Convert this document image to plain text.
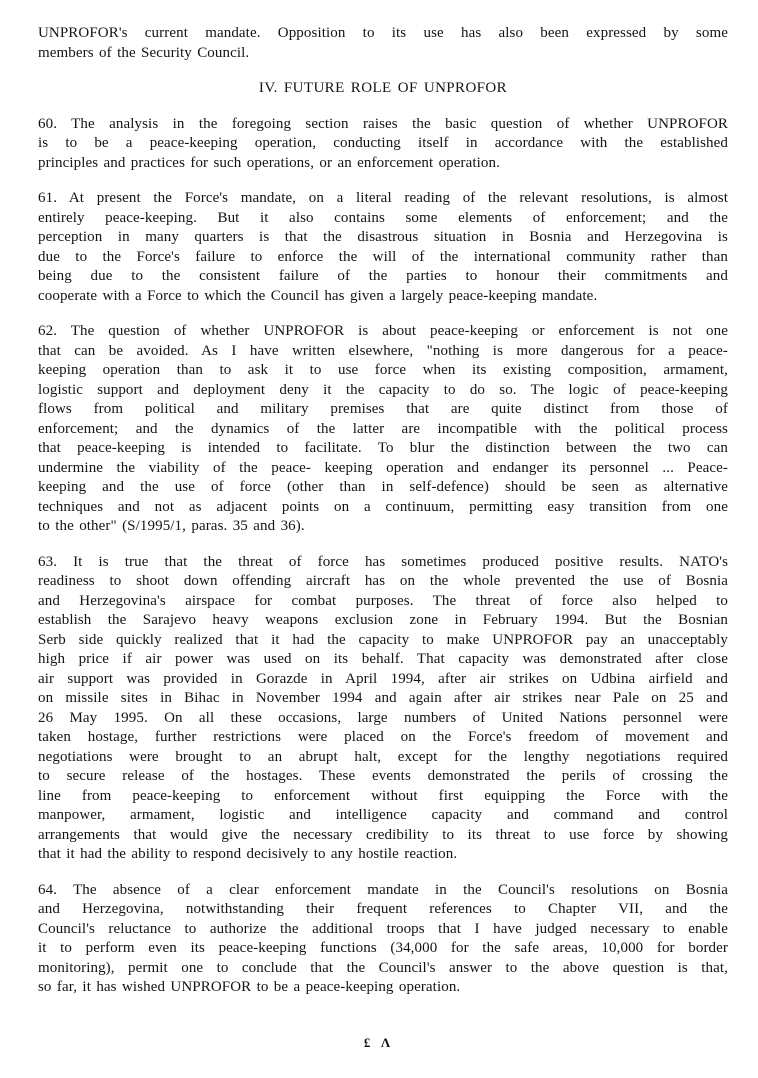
UNPROFOR's current mandate. Opposition to its use has also been expressed by some
members of the Security Council.
IV. FUTURE ROLE OF UNPROFOR
60. The analysis in the foregoing section raises the basic question of whether UNPROFOR
is to be a peace-keeping operation, conducting itself in accordance with the established
principles and practices for such operations, or an enforcement operation.
61. At present the Force's mandate, on a literal reading of the relevant resolutions, is almost
entirely peace-keeping. But it also contains some elements of enforcement; and the
perception in many quarters is that the disastrous situation in Bosnia and Herzegovina is
due to the Force's failure to enforce the will of the international community rather than
being due to the consistent failure of the parties to honour their commitments and
cooperate with a Force to which the Council has given a largely peace-keeping mandate.
62. The question of whether UNPROFOR is about peace-keeping or enforcement is not one
that can be avoided. As I have written elsewhere, "nothing is more dangerous for a peace-
keeping operation than to ask it to use force when its existing composition, armament,
logistic support and deployment deny it the capacity to do so. The logic of peace-keeping
flows from political and military premises that are quite distinct from those of
enforcement; and the dynamics of the latter are incompatible with the political process
that peace-keeping is intended to facilitate. To blur the distinction between the two can
undermine the viability of the peace- keeping operation and endanger its personnel ... Peace-
keeping and the use of force (other than in self-defence) should be seen as alternative
techniques and not as adjacent points on a continuum, permitting easy transition from one
to the other" (S/1995/1, paras. 35 and 36).
63. It is true that the threat of force has sometimes produced positive results. NATO's
readiness to shoot down offending aircraft has on the whole prevented the use of Bosnia
and Herzegovina's airspace for combat purposes. The threat of force also helped to
establish the Sarajevo heavy weapons exclusion zone in February 1994. But the Bosnian
Serb side quickly realized that it had the capacity to make UNPROFOR pay an unacceptably
high price if air power was used on its behalf. That capacity was demonstrated after close
air support was provided in Gorazde in April 1994, after air strikes on Udbina airfield and
on missile sites in Bihac in November 1994 and again after air strikes near Pale on 25 and
26 May 1995. On all these occasions, large numbers of United Nations personnel were
taken hostage, further restrictions were placed on the Force's freedom of movement and
negotiations were brought to an abrupt halt, except for the lengthy negotiations required
to secure release of the hostages. These events demonstrated the perils of crossing the
line from peace-keeping to enforcement without first equipping the Force with the
manpower, armament, logistic and intelligence capacity and command and control
arrangements that would give the necessary credibility to its threat to use force by showing
that it had the ability to respond decisively to any hostile reaction.
64. The absence of a clear enforcement mandate in the Council's resolutions on Bosnia
and Herzegovina, notwithstanding their frequent references to Chapter VII, and the
Council's reluctance to authorize the additional troops that I have judged necessary to enable
it to perform even its peace-keeping functions (34,000 for the safe areas, 10,000 for border
monitoring), permit one to conclude that the Council's answer to the above question is that,
so far, it has wished UNPROFOR to be a peace-keeping operation.
£ Λ
